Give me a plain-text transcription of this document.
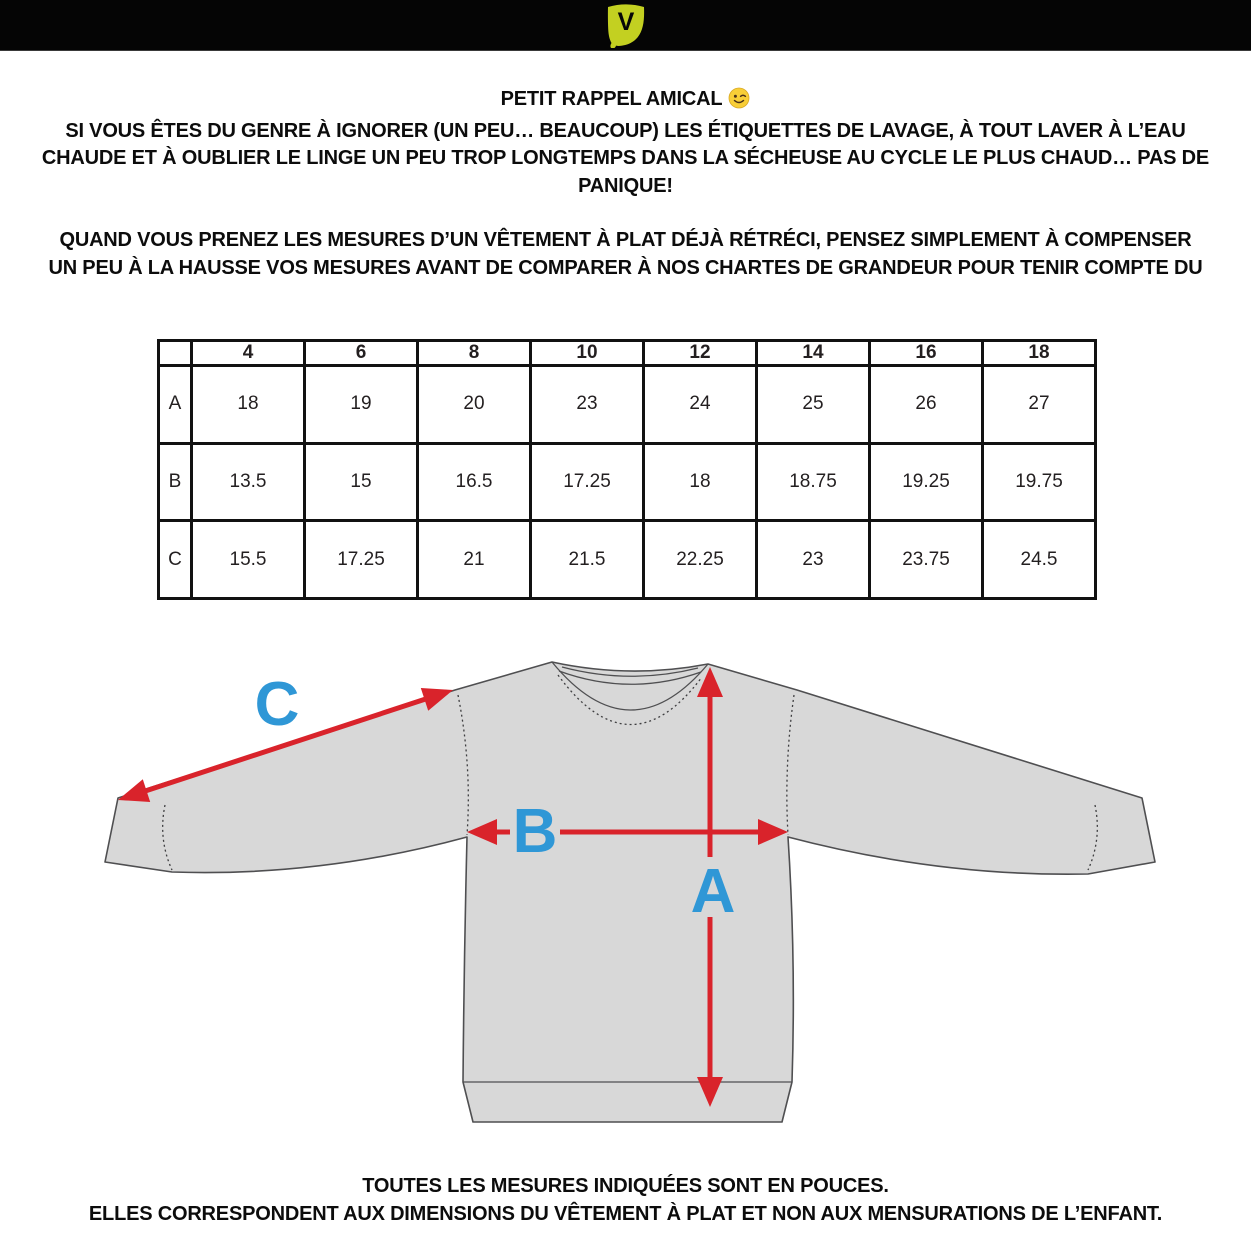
V
PETIT RAPPEL AMICAL
SI VOUS ÊTES DU GENRE À IGNORER (UN PEU… BEAUCOUP) LES ÉTIQUETTES DE LAVAGE, À TOUT LAVER À L’EAU
CHAUDE ET À OUBLIER LE LINGE UN PEU TROP LONGTEMPS DANS LA SÉCHEUSE AU CYCLE LE PLUS CHAUD… PAS DE
PANIQUE!
QUAND VOUS PRENEZ LES MESURES D’UN VÊTEMENT À PLAT DÉJÀ RÉTRÉCI, PENSEZ SIMPLEMENT À COMPENSER
UN PEU À LA HAUSSE VOS MESURES AVANT DE COMPARER À NOS CHARTES DE GRANDEUR POUR TENIR COMPTE DU
	4	6	8	10	12	14	16	18
A	18	19	20	23	24	25	26	27
B	13.5	15	16.5	17.25	18	18.75	19.25	19.75
C	15.5	17.25	21	21.5	22.25	23	23.75	24.5
C
B
A
TOUTES LES MESURES INDIQUÉES SONT EN POUCES.
ELLES CORRESPONDENT AUX DIMENSIONS DU VÊTEMENT À PLAT ET NON AUX MENSURATIONS DE L’ENFANT.
